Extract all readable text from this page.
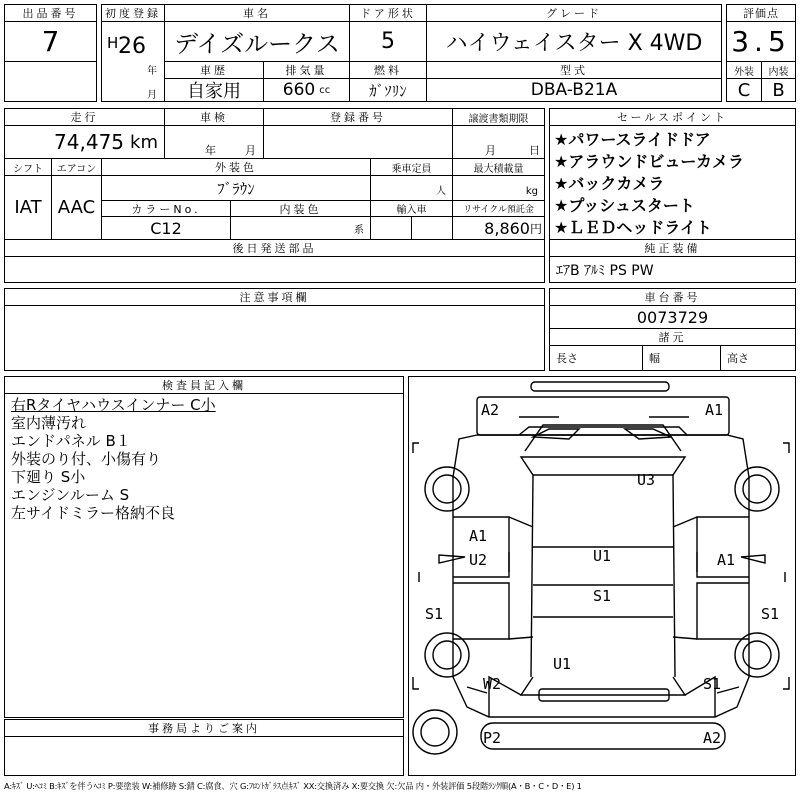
出品番号
7
初度登録
H 26
年
月
車名
デイズルークス
ドア形状
5
グレード
ハイウェイスター X 4WD
車歴
自家用
排気量
660 cc
燃料
ｶﾞｿﾘﾝ
型式
DBA-B21A
評価点
3.5
外装	内装
C	B
走行
74,475 km
車検
年	月
登録番号	譲渡書類期限
月	日
シフト
IAT
エアコン
AAC
外装色
ﾌﾞﾗｳﾝ
乗車定員
人
最大積載量
kg
カラーNo.
C12
内装色
系
輸入車	リサイクル預託金
8,860 円
後日発送部品
セールスポイント
★パワースライドドア
★アラウンドビューカメラ
★バックカメラ
★プッシュスタート
★ＬＥＤヘッドライト
純正装備
ｴｱB ｱﾙﾐ PS PW
注意事項欄	車台番号
0073729
諸元
長さ	幅	高さ
検査員記入欄
右Rタイヤハウスインナー C小
室内薄汚れ
エンドパネル B１
外装のり付、小傷有り
下廻り S小
エンジンルーム S
左サイドミラー格納不良
事務局よりご案内
A2	A1
U3
A1
U2	U1	A1
S1
S1	S1
U1
W2	S1
P2	A2
A:ｷｽﾞ U:ﾍｺﾐ B:ｷｽﾞを伴うﾍｺﾐ P:要塗装 W:補修跡 S:錆 C:腐食、穴 G:ﾌﾛﾝﾄｶﾞﾗｽ点ｷｽﾞ XX:交換済み X:要交換 欠:欠品 内・外装評価 5段階ﾗﾝｸ順(A・B・C・D・E) 1
